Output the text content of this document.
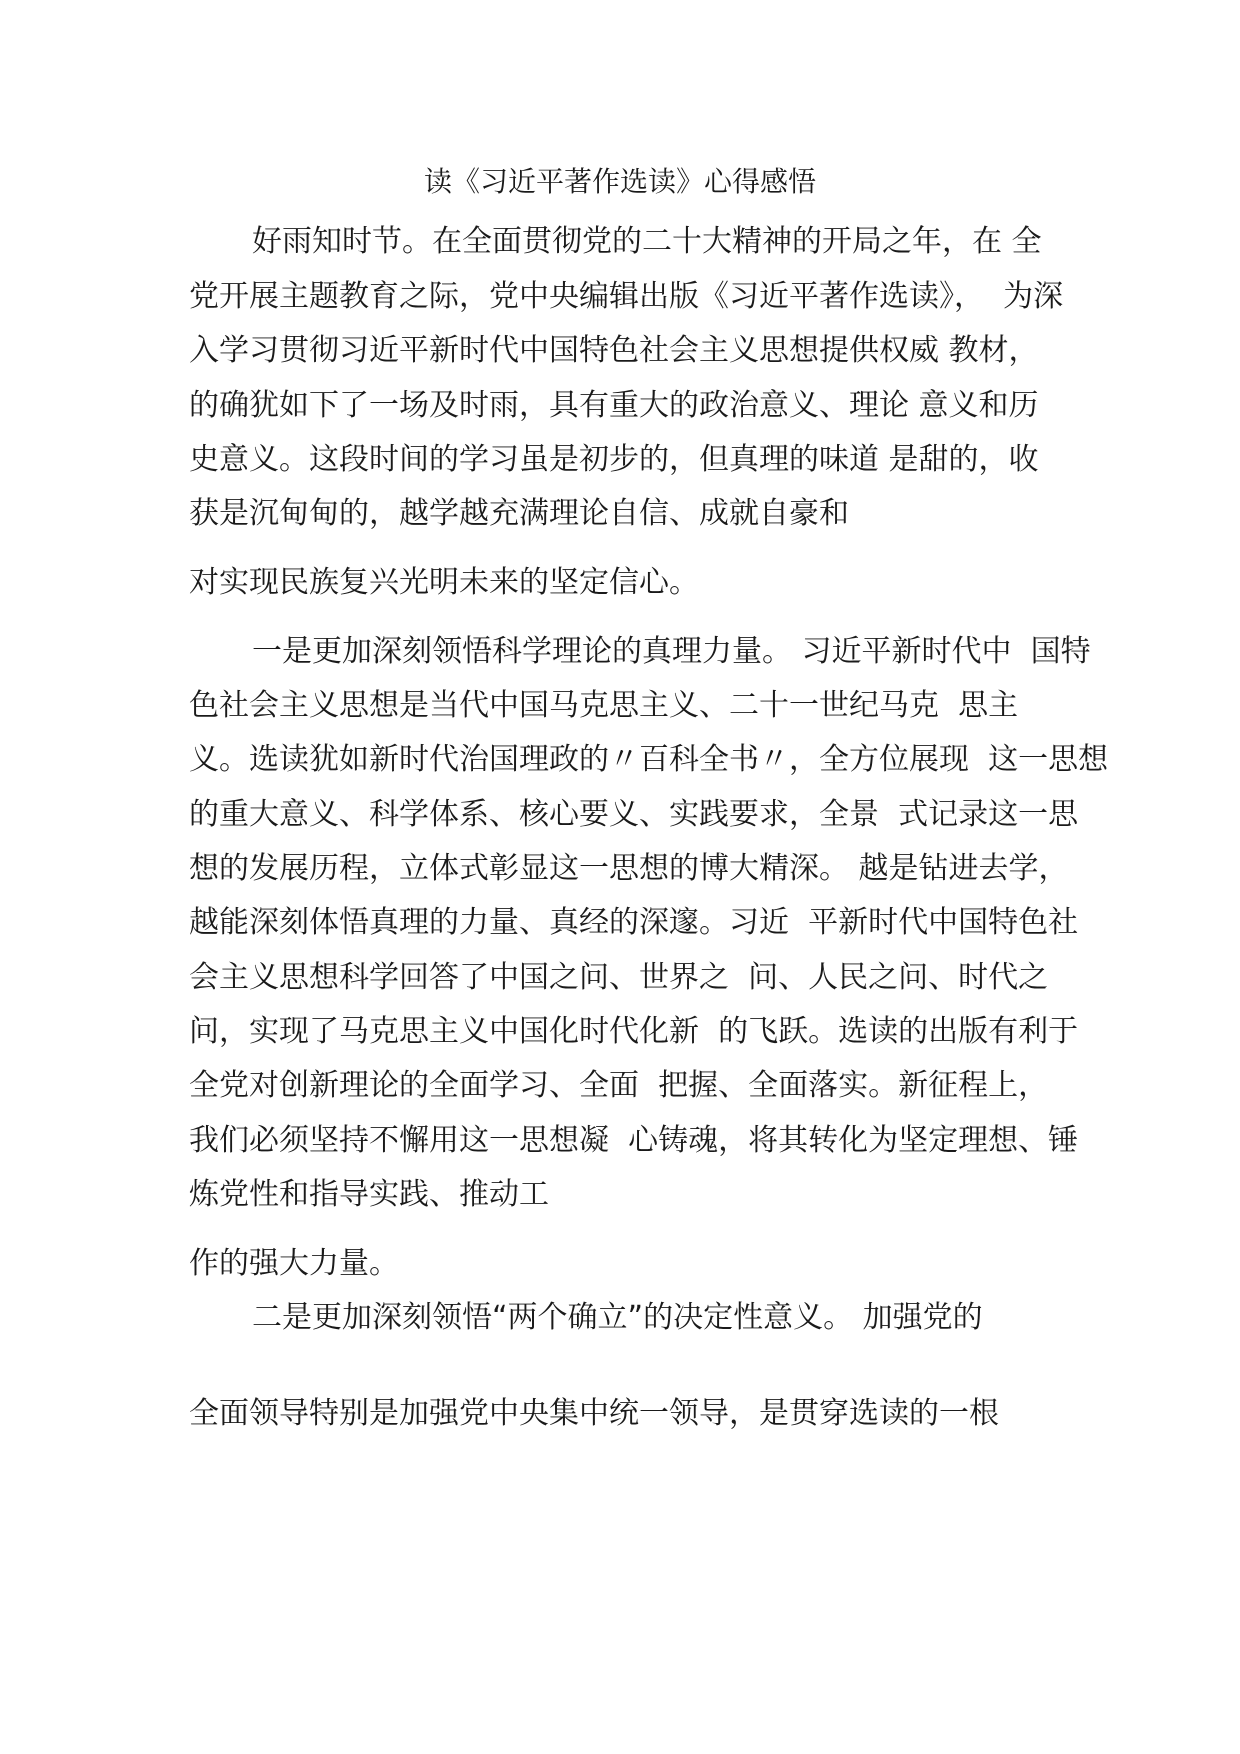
读《习近平著作选读》心得感悟
好雨知时节。在全面贯彻党的二十大精神的开局之年，在 全
党开展主题教育之际，党中央编辑出版《习近平著作选读》，  为深
入学习贯彻习近平新时代中国特色社会主义思想提供权威 教材，
的确犹如下了一场及时雨，具有重大的政治意义、理论 意义和历
史意义。这段时间的学习虽是初步的，但真理的味道 是甜的，收
获是沉甸甸的，越学越充满理论自信、成就自豪和
对实现民族复兴光明未来的坚定信心。
一是更加深刻领悟科学理论的真理力量。 习近平新时代中  国特
色社会主义思想是当代中国马克思主义、二十一世纪马克  思主
义。选读犹如新时代治国理政的〃百科全书〃，全方位展现  这一思想
的重大意义、科学体系、核心要义、实践要求，全景  式记录这一思
想的发展历程，立体式彰显这一思想的博大精深。 越是钻进去学，
越能深刻体悟真理的力量、真经的深邃。习近  平新时代中国特色社
会主义思想科学回答了中国之问、世界之  问、人民之问、时代之
问，实现了马克思主义中国化时代化新  的飞跃。选读的出版有利于
全党对创新理论的全面学习、全面  把握、全面落实。新征程上，
我们必须坚持不懈用这一思想凝  心铸魂，将其转化为坚定理想、锤
炼党性和指导实践、推动工
作的强大力量。
二是更加深刻领悟“两个确立”的决定性意义。 加强党的
全面领导特别是加强党中央集中统一领导，是贯穿选读的一根
